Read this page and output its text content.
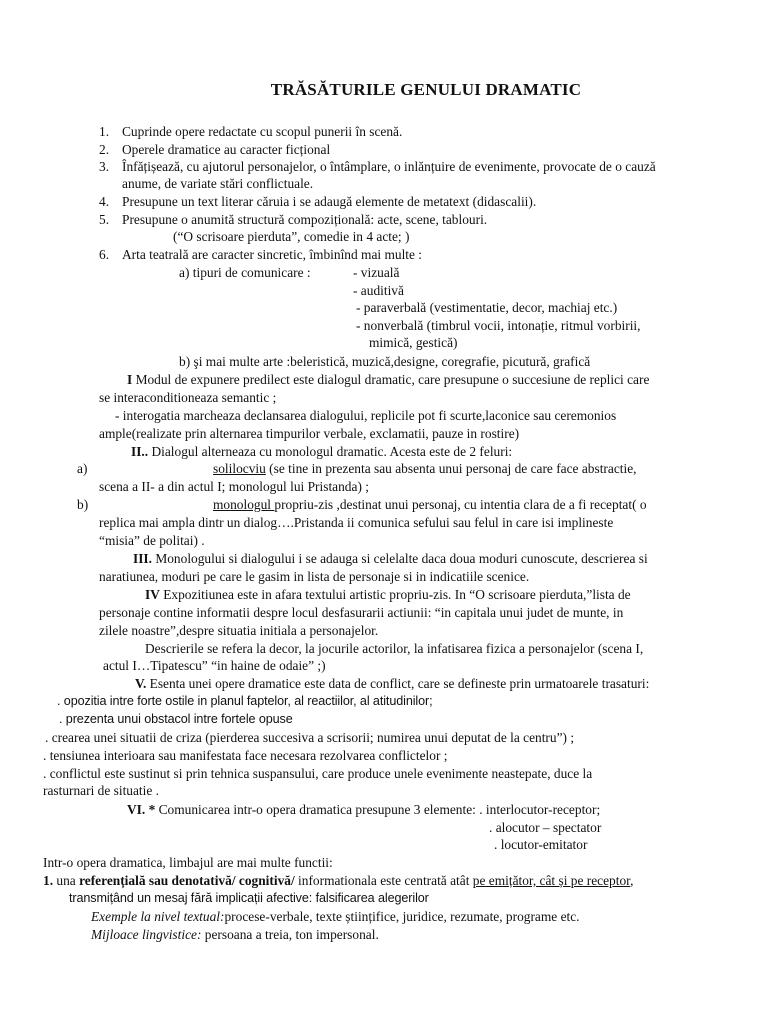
TRĂSĂTURILE GENULUI DRAMATIC
1. Cuprinde opere redactate cu scopul punerii în scenă.
2. Operele dramatice au caracter ficțional
3. Înfățișează, cu ajutorul personajelor, o întâmplare, o inlănțuire de evenimente, provocate de o cauză
anume, de variate stări conflictuale.
4. Presupune un text literar căruia i se adaugă elemente de metatext (didascalii).
5. Presupune o anumită structură compozițională: acte, scene, tablouri.
(“O scrisoare pierduta”, comedie in 4 acte; )
6. Arta teatrală are caracter sincretic, îmbinînd mai multe :
a) tipuri de comunicare :	- vizuală
- auditivă
- paraverbală (vestimentatie, decor, machiaj etc.)
- nonverbală (timbrul vocii, intonație, ritmul vorbirii,
mimică, gestică)
b) şi mai multe arte :beleristică, muzică,designe, coregrafie, picutură, grafică
I Modul de expunere predilect este dialogul dramatic, care presupune o succesiune de replici care
se interaconditioneaza semantic ;
- interogatia marcheaza declansarea dialogului, replicile pot fi scurte,laconice sau ceremonios
ample(realizate prin alternarea timpurilor verbale, exclamatii, pauze in rostire)
II.. Dialogul alterneaza cu monologul dramatic. Acesta este de 2 feluri:
a)	solilocviu (se tine in prezenta sau absenta unui personaj de care face abstractie,
scena a II- a din actul I; monologul lui Pristanda) ;
b)	monologul propriu-zis ,destinat unui personaj, cu intentia clara de a fi receptat( o
replica mai ampla dintr un dialog….Pristanda ii comunica sefului sau felul in care isi implineste
“misia” de politai) .
III. Monologului si dialogului i se adauga si celelalte daca doua moduri cunoscute, descrierea si
naratiunea, moduri pe care le gasim in lista de personaje si in indicatiile scenice.
IV Expozitiunea este in afara textului artistic propriu-zis. In “O scrisoare pierduta,”lista de
personaje contine informatii despre locul desfasurarii actiunii: “in capitala unui judet de munte, in
zilele noastre”,despre situatia initiala a personajelor.
Descrierile se refera la decor, la jocurile actorilor, la infatisarea fizica a personajelor (scena I,
actul I…Tipatescu” “in haine de odaie” ;)
V. Esenta unei opere dramatice este data de conflict, care se defineste prin urmatoarele trasaturi:
. opozitia intre forte ostile in planul faptelor, al reactiilor, al atitudinilor;
. prezenta unui obstacol intre fortele opuse
. crearea unei situatii de criza (pierderea succesiva a scrisorii; numirea unui deputat de la centru”) ;
. tensiunea interioara sau manifestata face necesara rezolvarea conflictelor ;
. conflictul este sustinut si prin tehnica suspansului, care produce unele evenimente neastepate, duce la
rasturnari de situatie .
VI. * Comunicarea intr-o opera dramatica presupune 3 elemente: . interlocutor-receptor;
. alocutor – spectator
. locutor-emitator
Intr-o opera dramatica, limbajul are mai multe functii:
1. una referențială sau denotativă/ cognitivă/ informationala este centrată atât pe emițător, cât și pe receptor,
transmițând un mesaj fără implicații afective: falsificarea alegerilor
Exemple la nivel textual:procese-verbale, texte științifice, juridice, rezumate, programe etc.
Mijloace lingvistice: persoana a treia, ton impersonal.
